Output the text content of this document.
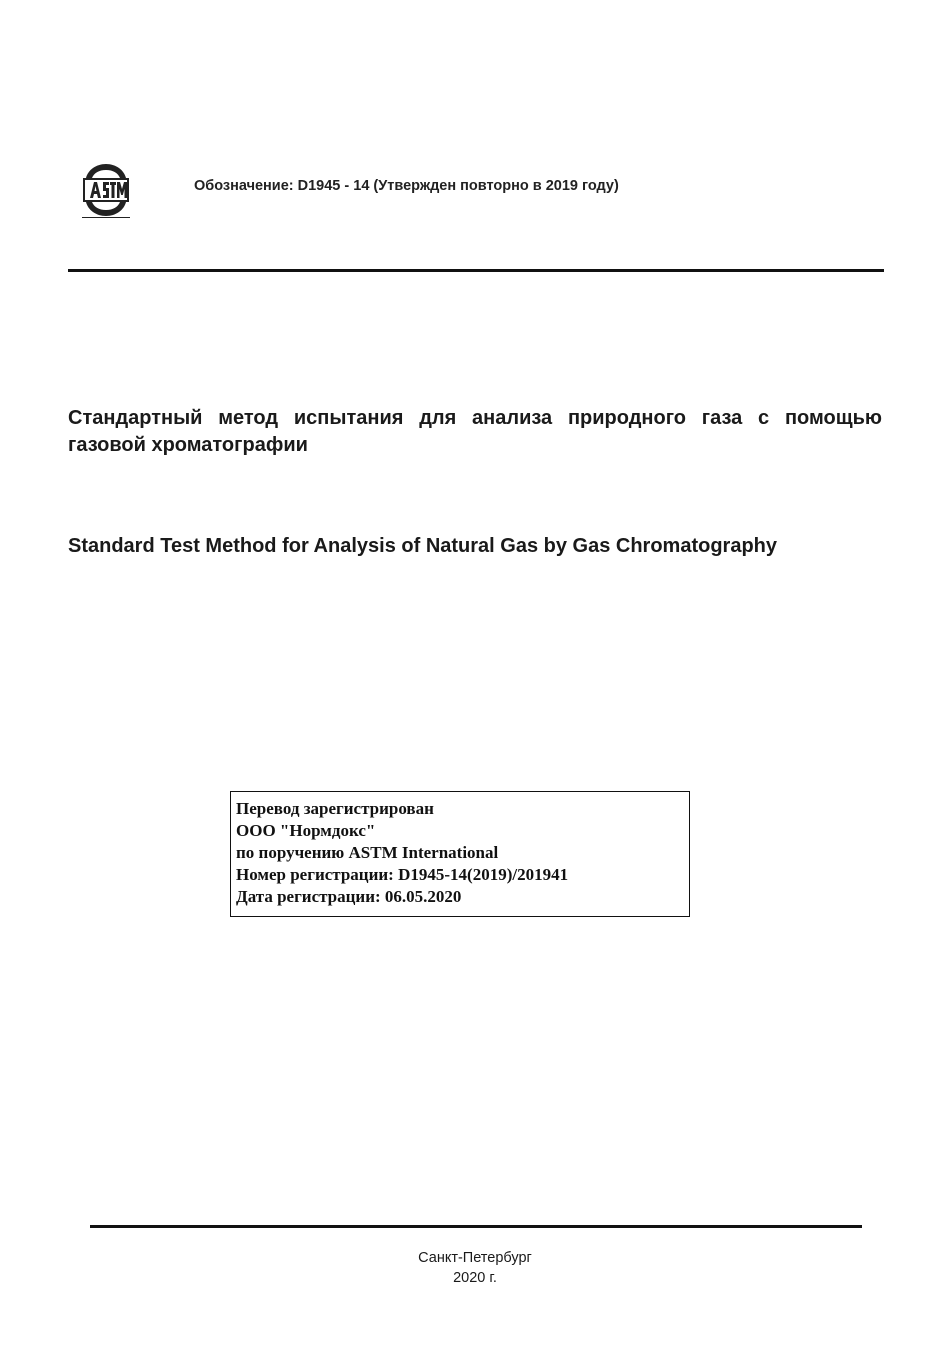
Обозначение: D1945 - 14 (Утвержден повторно в 2019 году)
Стандартный метод испытания для анализа природного газа с помощью газовой хроматографии
Standard Test Method for Analysis of Natural Gas by Gas Chromatography
Перевод зарегистрирован
ООО "Нормдокс"
по поручению ASTM International
Номер регистрации: D1945-14(2019)/201941
Дата регистрации: 06.05.2020
Санкт-Петербург
2020 г.
